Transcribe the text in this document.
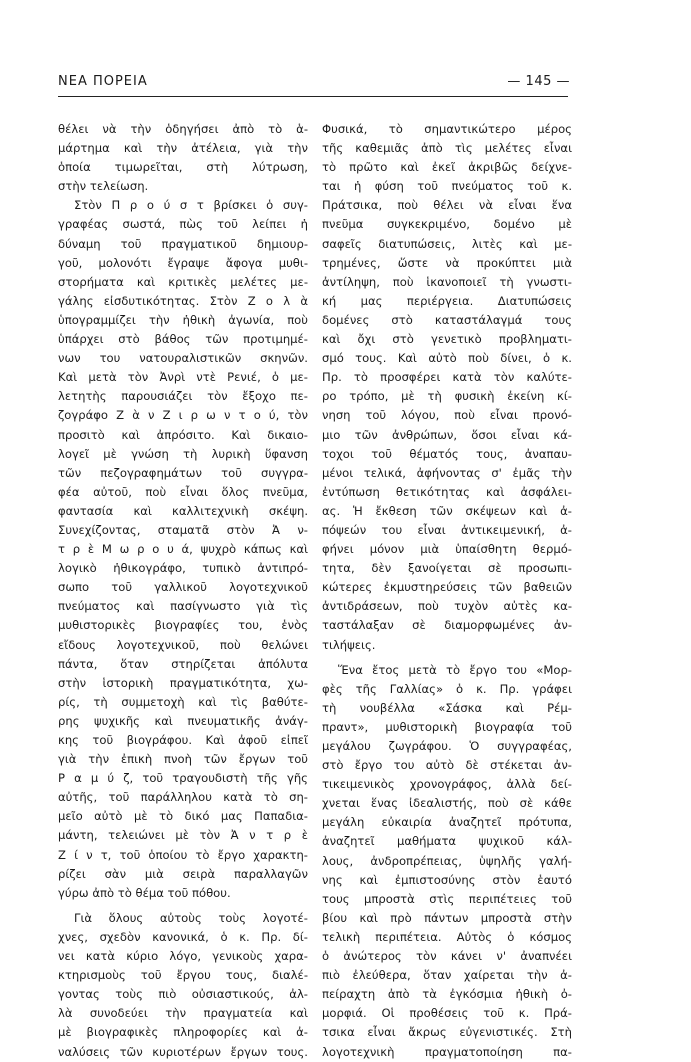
ΝΕΑ ΠΟΡΕΙΑ	— 145 —
θέλει νὰ τὴν ὁδηγήσει ἀπὸ τὸ ἁ-
μάρτημα καὶ τὴν ἀτέλεια, γιὰ τὴν
ὁποία τιμωρεῖται, στὴ λύτρωση,
στὴν τελείωση.
Στὸν Π ρ ο ύ σ τ βρίσκει ὁ συγ-
γραφέας σωστά, πὼς τοῦ λείπει ἡ
δύναμη τοῦ πραγματικοῦ δημιουρ-
γοῦ, μολονότι ἔγραψε ἄφογα μυθι-
στορήματα καὶ κριτικὲς μελέτες με-
γάλης εἰσδυτικότητας. Στὸν Ζ ο λ ὰ
ὑπογραμμίζει τὴν ἠθικὴ ἀγωνία, ποὺ
ὑπάρχει στὸ βάθος τῶν προτιμημέ-
νων του νατουραλιστικῶν σκηνῶν.
Καὶ μετὰ τὸν Ἀνρὶ ντὲ Ρενιέ, ὁ με-
λετητὴς παρουσιάζει τὸν ἔξοχο πε-
ζογράφο Ζ ὰ ν Ζ ι ρ ω ν τ ο ύ, τὸν
προσιτὸ καὶ ἀπρόσιτο. Καὶ δικαιο-
λογεῖ μὲ γνώση τὴ λυρικὴ ὕφανση
τῶν πεζογραφημάτων τοῦ συγγρα-
φέα αὐτοῦ, ποὺ εἶναι ὅλος πνεῦμα,
φαντασία καὶ καλλιτεχνικὴ σκέψη.
Συνεχίζοντας, σταματᾶ στὸν Ἀ ν-
τ ρ ὲ Μ ω ρ ο υ ά, ψυχρὸ κάπως καὶ
λογικὸ ἠθικογράφο, τυπικὸ ἀντιπρό-
σωπο τοῦ γαλλικοῦ λογοτεχνικοῦ
πνεύματος καὶ πασίγνωστο γιὰ τὶς
μυθιστορικὲς βιογραφίες του, ἑνὸς
εἴδους λογοτεχνικοῦ, ποὺ θελώνει
πάντα, ὅταν στηρίζεται ἀπόλυτα
στὴν ἱστορικὴ πραγματικότητα, χω-
ρίς, τὴ συμμετοχὴ καὶ τὶς βαθύτε-
ρης ψυχικῆς καὶ πνευματικῆς ἀνάγ-
κης τοῦ βιογράφου. Καὶ ἀφοῦ εἰπεῖ
γιὰ τὴν ἐπικὴ πνοὴ τῶν ἔργων τοῦ
Ρ α μ ύ ζ, τοῦ τραγουδιστὴ τῆς γῆς
αὐτῆς, τοῦ παράλληλου κατὰ τὸ ση-
μεῖο αὐτὸ μὲ τὸ δικό μας Παπαδια-
μάντη, τελειώνει μὲ τὸν Ἀ ν τ ρ ὲ
Ζ ί ν τ, τοῦ ὁποίου τὸ ἔργο χαρακτη-
ρίζει σὰν μιὰ σειρὰ παραλλαγῶν
γύρω ἀπὸ τὸ θέμα τοῦ πόθου.
Γιὰ ὅλους αὐτοὺς τοὺς λογοτέ-
χνες, σχεδὸν κανονικά, ὁ κ. Πρ. δί-
νει κατὰ κύριο λόγο, γενικοὺς χαρα-
κτηρισμοὺς τοῦ ἔργου τους, διαλέ-
γοντας τοὺς πιὸ οὐσιαστικούς, ἀλ-
λὰ συνοδεύει τὴν πραγματεία καὶ
μὲ βιογραφικὲς πληροφορίες καὶ ἀ-
ναλύσεις τῶν κυριοτέρων ἔργων τους.
Φυσικά, τὸ σημαντικώτερο μέρος
τῆς καθεμιᾶς ἀπὸ τὶς μελέτες εἶναι
τὸ πρῶτο καὶ ἐκεῖ ἀκριβῶς δείχνε-
ται ἡ φύση τοῦ πνεύματος τοῦ κ.
Πράτσικα, ποὺ θέλει νὰ εἶναι ἕνα
πνεῦμα συγκεκριμένο, δομένο μὲ
σαφεῖς διατυπώσεις, λιτὲς καὶ με-
τρημένες, ὥστε νὰ προκύπτει μιὰ
ἀντίληψη, ποὺ ἱκανοποιεῖ τὴ γνωστι-
κή μας περιέργεια. Διατυπώσεις
δομένες στὸ καταστάλαγμά τους
καὶ ὄχι στὸ γενετικὸ προβληματι-
σμό τους. Καὶ αὐτὸ ποὺ δίνει, ὁ κ.
Πρ. τὸ προσφέρει κατὰ τὸν καλύτε-
ρο τρόπο, μὲ τὴ φυσικὴ ἐκείνη κί-
νηση τοῦ λόγου, ποὺ εἶναι προνό-
μιο τῶν ἀνθρώπων, ὅσοι εἶναι κά-
τοχοι τοῦ θέματός τους, ἀναπαυ-
μένοι τελικά, ἀφήνοντας σ' ἐμᾶς τὴν
ἐντύπωση θετικότητας καὶ ἀσφάλει-
ας. Ἡ ἔκθεση τῶν σκέψεων καὶ ἀ-
πόψεών του εἶναι ἀντικειμενική, ἀ-
φήνει μόνον μιὰ ὑπαίσθητη θερμό-
τητα, δὲν ξανοίγεται σὲ προσωπι-
κώτερες ἐκμυστηρεύσεις τῶν βαθειῶν
ἀντιδράσεων, ποὺ τυχὸν αὐτὲς κα-
ταστάλαξαν σὲ διαμορφωμένες ἀν-
τιλήψεις.
Ἕνα ἔτος μετὰ τὸ ἔργο του «Μορ-
φὲς τῆς Γαλλίας» ὁ κ. Πρ. γράφει
τὴ νουβέλλα «Σάσκα καὶ Ρέμ-
πραντ», μυθιστορικὴ βιογραφία τοῦ
μεγάλου ζωγράφου. Ὁ συγγραφέας,
στὸ ἔργο του αὐτὸ δὲ στέκεται ἀν-
τικειμενικὸς χρονογράφος, ἀλλὰ δεί-
χνεται ἕνας ἰδεαλιστής, ποὺ σὲ κάθε
μεγάλη εὐκαιρία ἀναζητεῖ πρότυπα,
ἀναζητεῖ μαθήματα ψυχικοῦ κάλ-
λους, ἀνδροπρέπειας, ὑψηλῆς γαλή-
νης καὶ ἐμπιστοσύνης στὸν ἑαυτό
τους μπροστὰ στὶς περιπέτειες τοῦ
βίου καὶ πρὸ πάντων μπροστὰ στὴν
τελικὴ περιπέτεια. Αὐτὸς ὁ κόσμος
ὁ ἀνώτερος τὸν κάνει ν' ἀναπνέει
πιὸ ἐλεύθερα, ὅταν χαίρεται τὴν ἀ-
πείραχτη ἀπὸ τὰ ἐγκόσμια ἠθικὴ ὀ-
μορφιά. Οἱ προθέσεις τοῦ κ. Πρά-
τσικα εἶναι ἄκρως εὐγενιστικές. Στὴ
λογοτεχνικὴ πραγματοποίηση πα-
